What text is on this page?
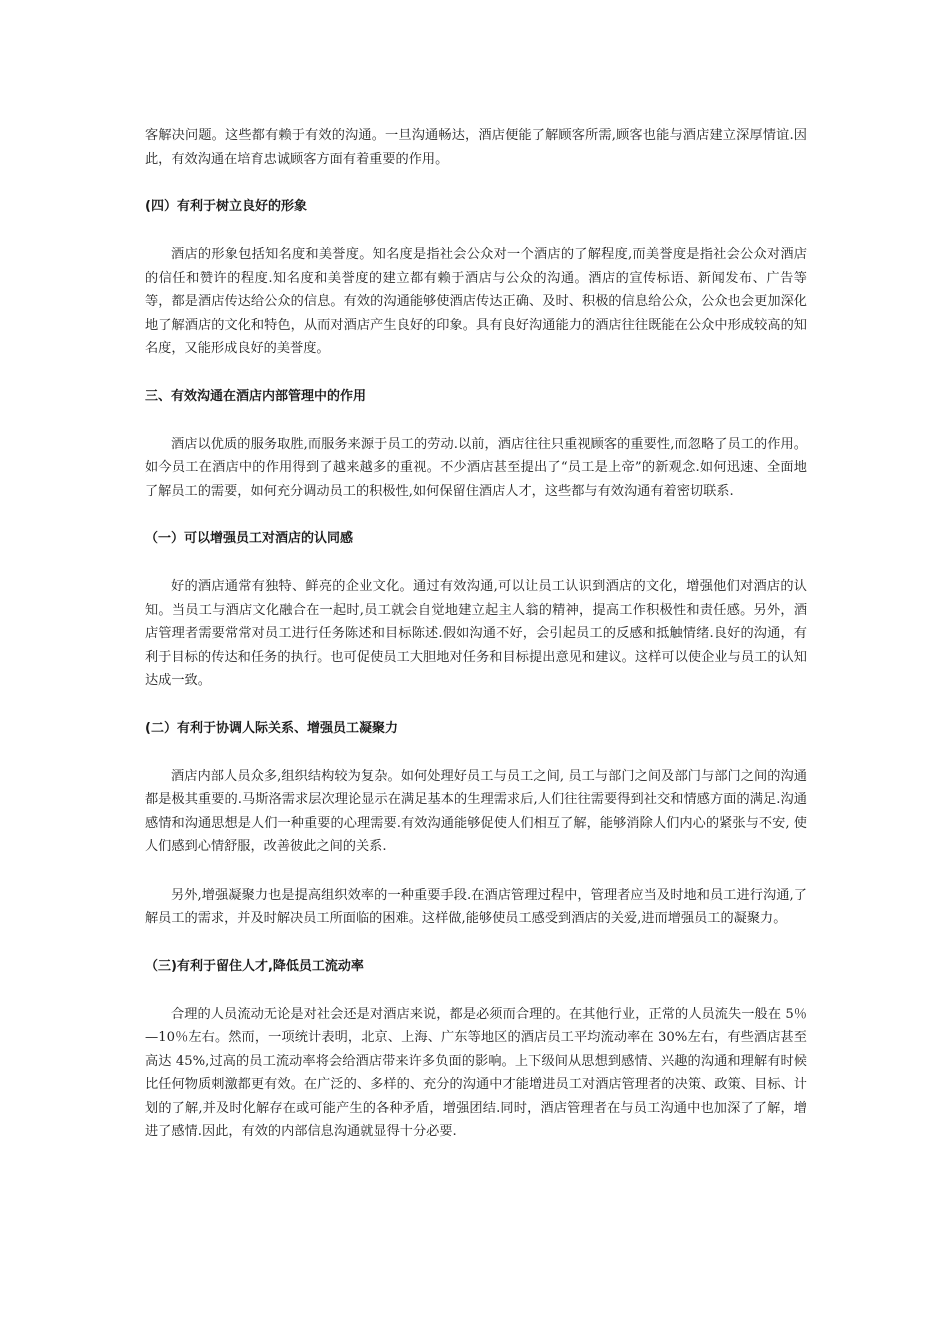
客解决问题。这些都有赖于有效的沟通。一旦沟通畅达，酒店便能了解顾客所需,顾客也能与酒店建立深厚情谊.因此，有效沟通在培育忠诚顾客方面有着重要的作用。

(四）有利于树立良好的形象

酒店的形象包括知名度和美誉度。知名度是指社会公众对一个酒店的了解程度,而美誉度是指社会公众对酒店的信任和赞许的程度.知名度和美誉度的建立都有赖于酒店与公众的沟通。酒店的宣传标语、新闻发布、广告等等，都是酒店传达给公众的信息。有效的沟通能够使酒店传达正确、及时、积极的信息给公众，公众也会更加深化地了解酒店的文化和特色，从而对酒店产生良好的印象。具有良好沟通能力的酒店往往既能在公众中形成较高的知名度，又能形成良好的美誉度。

三、有效沟通在酒店内部管理中的作用

酒店以优质的服务取胜,而服务来源于员工的劳动.以前，酒店往往只重视顾客的重要性,而忽略了员工的作用。如今员工在酒店中的作用得到了越来越多的重视。不少酒店甚至提出了“员工是上帝”的新观念.如何迅速、全面地了解员工的需要，如何充分调动员工的积极性,如何保留住酒店人才，这些都与有效沟通有着密切联系.

（一）可以增强员工对酒店的认同感

好的酒店通常有独特、鲜亮的企业文化。通过有效沟通,可以让员工认识到酒店的文化，增强他们对酒店的认知。当员工与酒店文化融合在一起时,员工就会自觉地建立起主人翁的精神，提高工作积极性和责任感。另外，酒店管理者需要常常对员工进行任务陈述和目标陈述.假如沟通不好，会引起员工的反感和抵触情绪.良好的沟通，有利于目标的传达和任务的执行。也可促使员工大胆地对任务和目标提出意见和建议。这样可以使企业与员工的认知达成一致。

(二）有利于协调人际关系、增强员工凝聚力

酒店内部人员众多,组织结构较为复杂。如何处理好员工与员工之间, 员工与部门之间及部门与部门之间的沟通都是极其重要的.马斯洛需求层次理论显示在满足基本的生理需求后,人们往往需要得到社交和情感方面的满足.沟通感情和沟通思想是人们一种重要的心理需要.有效沟通能够促使人们相互了解，能够消除人们内心的紧张与不安, 使人们感到心情舒服，改善彼此之间的关系.

另外,增强凝聚力也是提高组织效率的一种重要手段.在酒店管理过程中，管理者应当及时地和员工进行沟通,了解员工的需求，并及时解决员工所面临的困难。这样做,能够使员工感受到酒店的关爱,进而增强员工的凝聚力。

（三)有利于留住人才,降低员工流动率

合理的人员流动无论是对社会还是对酒店来说，都是必须而合理的。在其他行业，正常的人员流失一般在 5％ —10％左右。然而，一项统计表明，北京、上海、广东等地区的酒店员工平均流动率在 30%左右，有些酒店甚至高达 45%,过高的员工流动率将会给酒店带来许多负面的影响。上下级间从思想到感情、兴趣的沟通和理解有时候比任何物质刺激都更有效。在广泛的、多样的、充分的沟通中才能增进员工对酒店管理者的决策、政策、目标、计划的了解,并及时化解存在或可能产生的各种矛盾，增强团结.同时，酒店管理者在与员工沟通中也加深了了解，增进了感情.因此，有效的内部信息沟通就显得十分必要.
